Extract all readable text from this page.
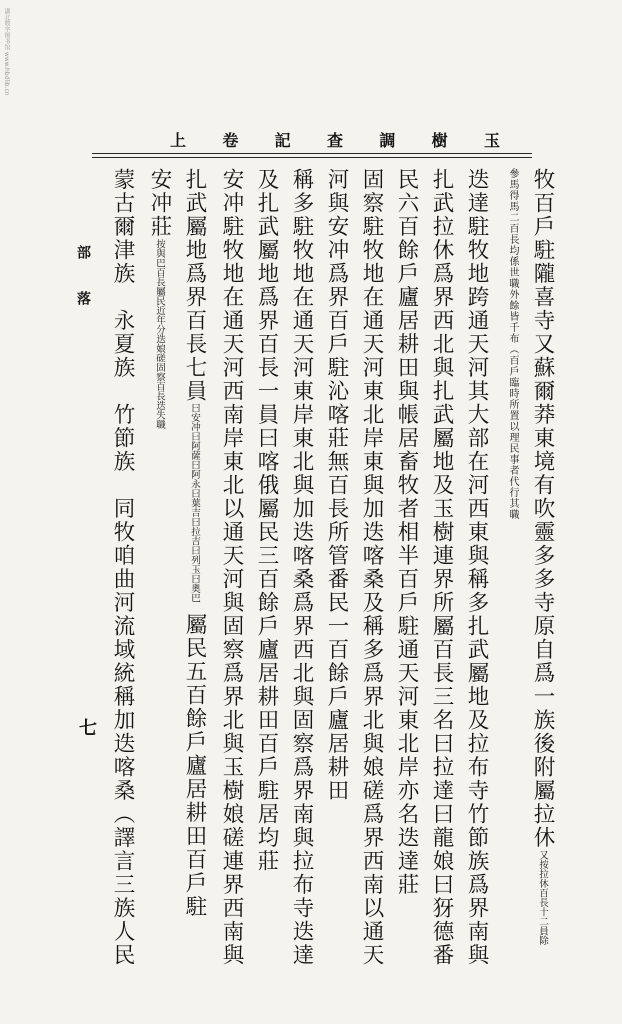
湖北数字图书馆 www.hbdlib.cn
上 卷 記 查 調 樹 玉
牧百戶駐隴喜寺又蘇爾莽東境有吹靈多多寺原自爲一族後附屬拉休又按拉休百長十二員除
參馬得馬二百長均係世職外餘皆千布（百戶臨時所置以理民事者代行其職
迭達駐牧地跨通天河其大部在河西東與稱多扎武屬地及拉布寺竹節族爲界南與
扎武拉休爲界西北與扎武屬地及玉樹連界所屬百長三名曰拉達曰龍娘曰犽德番
民六百餘戶廬居耕田與帳居畜牧者相半百戶駐通天河東北岸亦名迭達莊
固察駐牧地在通天河東北岸東與加迭喀桑及稱多爲界北與娘磋爲界西南以通天
河與安冲爲界百戶駐沁喀莊無百長所管番民一百餘戶廬居耕田
稱多駐牧地在通天河東岸東北與加迭喀桑爲界西北與固察爲界南與拉布寺迭達
及扎武屬地爲界百長一員曰喀俄屬民三百餘戶廬居耕田百戶駐居均莊
安冲駐牧地在通天河西南岸東北以通天河與固察爲界北與玉樹娘磋連界西南與
扎武屬地爲界百長七員曰安冲曰阿薩曰阿永曰葉吉曰拉吉曰列玉曰奧巴屬民五百餘戶廬居耕田百戶駐
安冲莊按與巴百長屬民近年分迭娘磋固察百長迭失職
蒙古爾津族　永夏族　竹節族　同牧咱曲河流域統稱加迭喀桑（譯言三族人民
部落
七
